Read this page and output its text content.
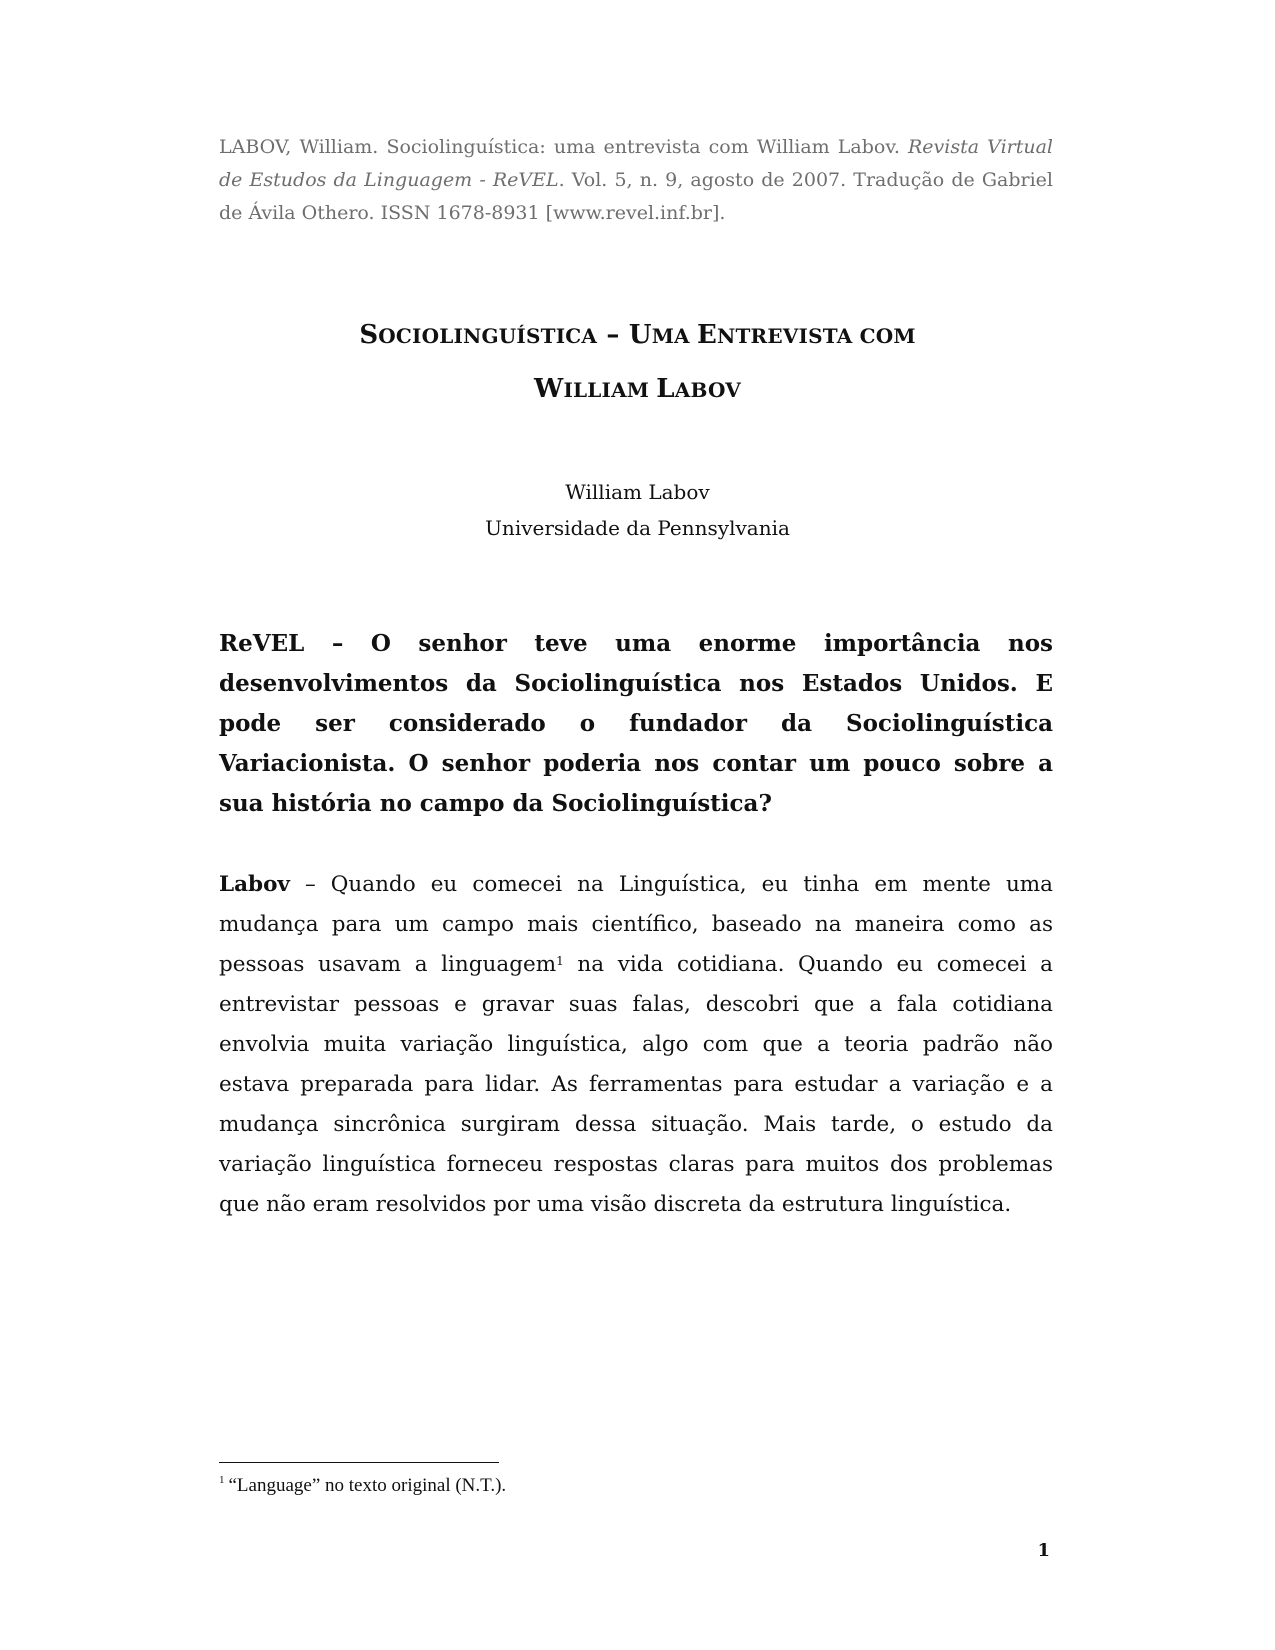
LABOV, William. Sociolinguística: uma entrevista com William Labov. Revista Virtual de Estudos da Linguagem - ReVEL. Vol. 5, n. 9, agosto de 2007. Tradução de Gabriel de Ávila Othero. ISSN 1678-8931 [www.revel.inf.br].
SOCIOLINGUÍSTICA – UMA ENTREVISTA COM
WILLIAM LABOV
William Labov
Universidade da Pennsylvania
ReVEL – O senhor teve uma enorme importância nos desenvolvimentos da Sociolinguística nos Estados Unidos. E pode ser considerado o fundador da Sociolinguística Variacionista. O senhor poderia nos contar um pouco sobre a sua história no campo da Sociolinguística?
Labov – Quando eu comecei na Linguística, eu tinha em mente uma mudança para um campo mais científico, baseado na maneira como as pessoas usavam a linguagem$^1$ na vida cotidiana. Quando eu comecei a entrevistar pessoas e gravar suas falas, descobri que a fala cotidiana envolvia muita variação linguística, algo com que a teoria padrão não estava preparada para lidar. As ferramentas para estudar a variação e a mudança sincrônica surgiram dessa situação. Mais tarde, o estudo da variação linguística forneceu respostas claras para muitos dos problemas que não eram resolvidos por uma visão discreta da estrutura linguística.
$^1$ “Language” no texto original (N.T.).
1
